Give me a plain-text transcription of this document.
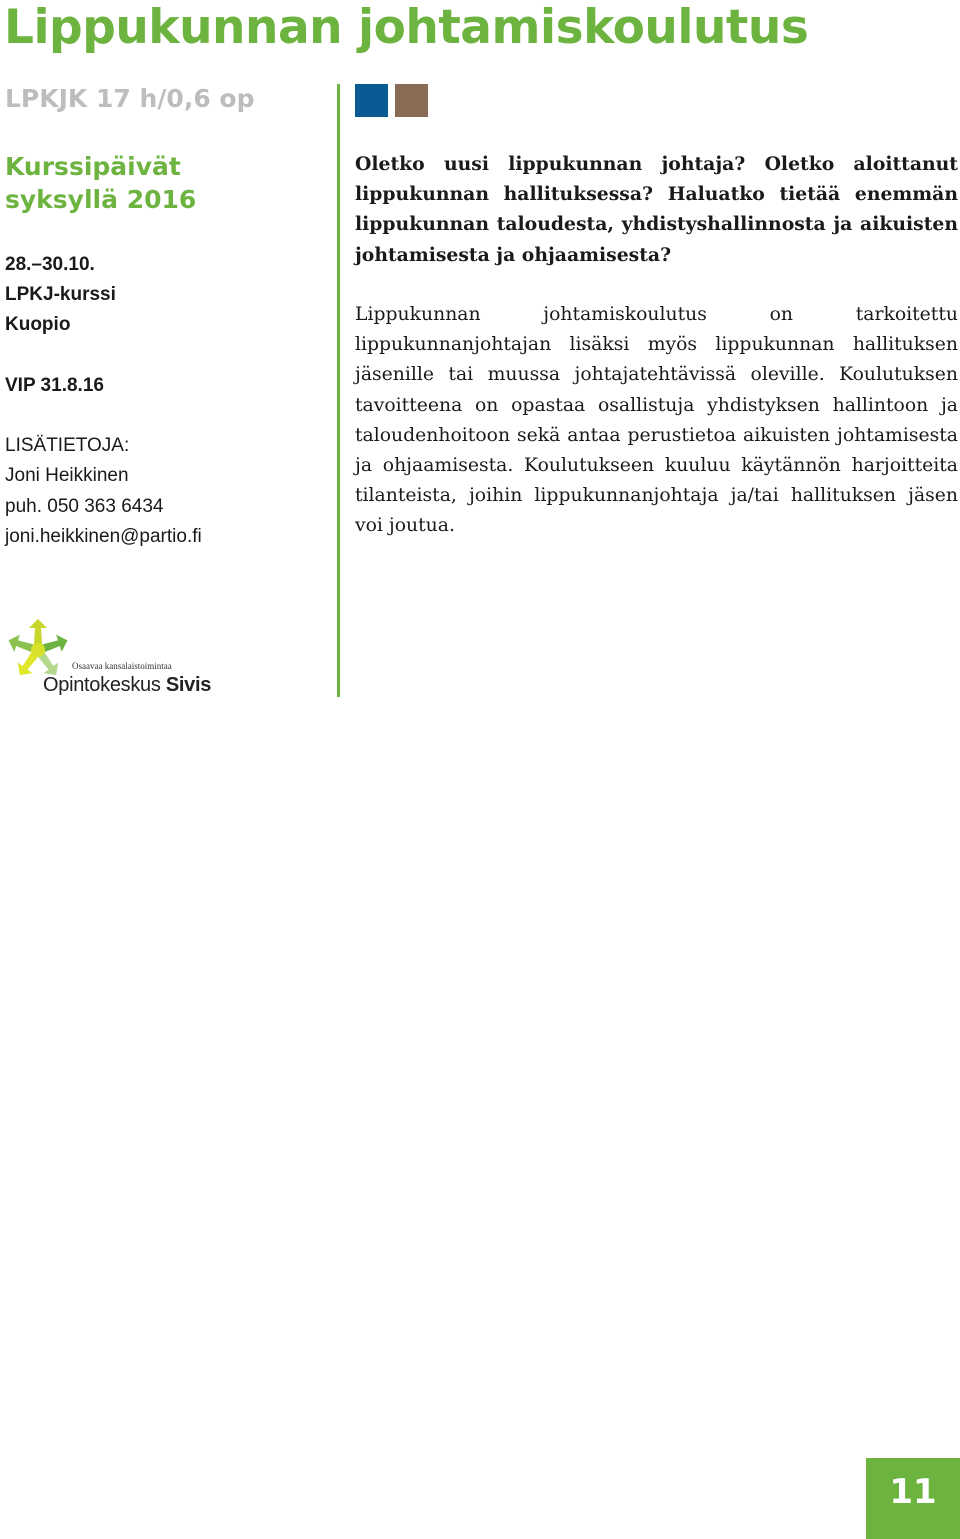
Lippukunnan johtamiskoulutus
LPKJK 17 h/0,6 op
Kurssipäivät
syksyllä 2016
28.–30.10.
LPKJ-kurssi
Kuopio
VIP 31.8.16
LISÄTIETOJA:
Joni Heikkinen
puh. 050 363 6434
joni.heikkinen@partio.fi

Oletko uusi lippukunnan johtaja? Oletko aloittanut lippukunnan hallituksessa? Haluatko tietää enemmän lippukunnan taloudesta, yhdistyshallinnosta ja aikuisten johtamisesta ja ohjaamisesta?

Lippukunnan johtamiskoulutus on tarkoitettu lippukunnanjohtajan lisäksi myös lippukunnan hallituksen jäsenille tai muussa johtajatehtävissä oleville. Koulutuksen tavoitteena on opastaa osallistuja yhdistyksen hallintoon ja taloudenhoitoon sekä antaa perustietoa aikuisten johtamisesta ja ohjaamisesta. Koulutukseen kuuluu käytännön harjoitteita tilanteista, joihin lippukunnanjohtaja ja/tai hallituksen jäsen voi joutua.

Osaavaa kansalaistoimintaa
Opintokeskus Sivis
11
